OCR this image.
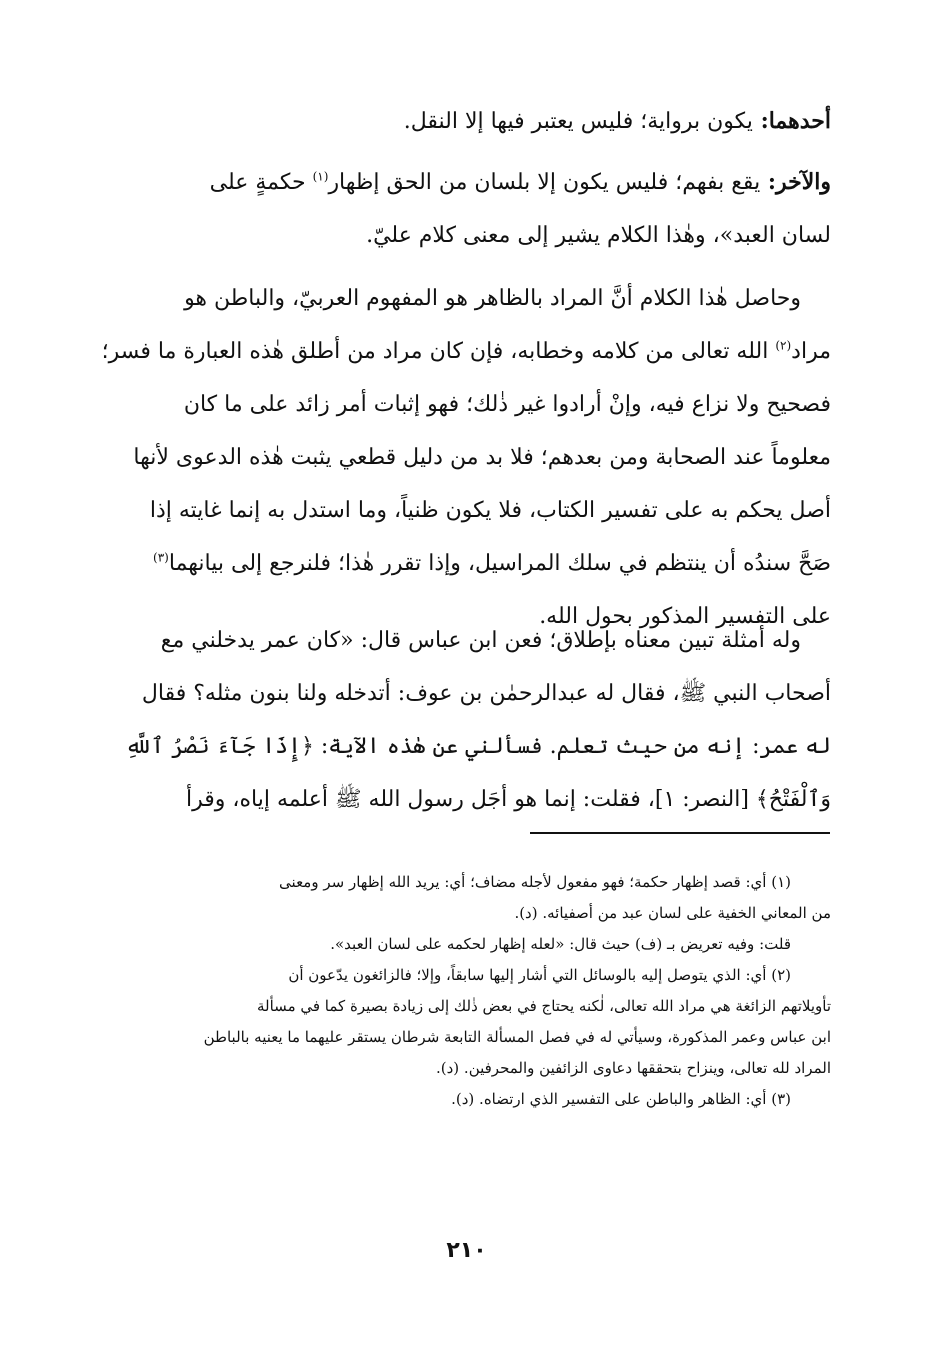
أحدهما: يكون برواية؛ فليس يعتبر فيها إلا النقل.

والآخر: يقع بفهم؛ فليس يكون إلا بلسان من الحق إظهار$^{(١)}$ حكمةٍ على

لسان العبد»، وهٰذا الكلام يشير إلى معنى كلام عليّ.

وحاصل هٰذا الكلام أنَّ المراد بالظاهر هو المفهوم العربيّ، والباطن هو

مراد$^{(٢)}$ الله تعالى من كلامه وخطابه، فإن كان مراد من أطلق هٰذه العبارة ما فسر؛

فصحيح ولا نزاع فيه، وإنْ أرادوا غير ذٰلك؛ فهو إثبات أمر زائد على ما كان

معلوماً عند الصحابة ومن بعدهم؛ فلا بد من دليل قطعي يثبت هٰذه الدعوى لأنها

أصل يحكم به على تفسير الكتاب، فلا يكون ظنياً، وما استدل به إنما غايته إذا

صَحَّ سندُه أن ينتظم في سلك المراسيل، وإذا تقرر هٰذا؛ فلنرجع إلى بيانهما$^{(٣)}$

على التفسير المذكور بحول الله.

وله أمثلة تبين معناه بإطلاق؛ فعن ابن عباس قال: «كان عمر يدخلني مع

أصحاب النبي ﷺ، فقال له عبدالرحمٰن بن عوف: أتدخله ولنا بنون مثله؟ فقال

له عمر: إنه من حيث تعلم. فسألني عن هٰذه الآية: ﴿إِذَا جَآءَ نَصْرُ ٱللَّهِ

وَٱلْفَتْحُ﴾ [النصر: ١]، فقلت: إنما هو أجَل رسول الله ﷺ أعلمه إياه، وقرأ

(١) أي: قصد إظهار حكمة؛ فهو مفعول لأجله مضاف؛ أي: يريد الله إظهار سر ومعنى

من المعاني الخفية على لسان عبد من أصفيائه. (د).

قلت: وفيه تعريض بـ (ف) حيث قال: «لعله إظهار لحكمه على لسان العبد».

(٢) أي: الذي يتوصل إليه بالوسائل التي أشار إليها سابقاً، وإلا؛ فالزائغون يدّعون أن

تأويلاتهم الزائغة هي مراد الله تعالى، لٰكنه يحتاج في بعض ذٰلك إلى زيادة بصيرة كما في مسألة

ابن عباس وعمر المذكورة، وسيأتي له في فصل المسألة التابعة شرطان يستقر عليهما ما يعنيه بالباطن

المراد لله تعالى، وينزاح بتحققها دعاوى الزائفين والمحرفين. (د).

(٣) أي: الظاهر والباطن على التفسير الذي ارتضاه. (د).

٢١٠
